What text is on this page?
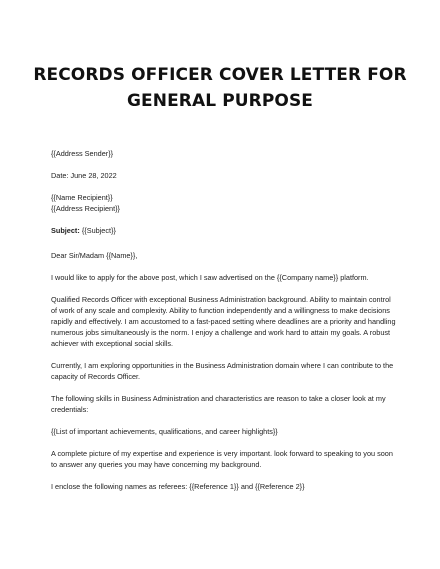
RECORDS OFFICER COVER LETTER FOR
GENERAL PURPOSE

{{Address Sender}}

Date: June 28, 2022

{{Name Recipient}}

{{Address Recipient}}

Subject: {{Subject}}

Dear Sir/Madam {{Name}},

I would like to apply for the above post, which I saw advertised on the {{Company name}} platform.

Qualified Records Officer with exceptional Business Administration background. Ability to maintain control of work of any scale and complexity. Ability to function independently and a willingness to make decisions rapidly and effectively. I am accustomed to a fast-paced setting where deadlines are a priority and handling numerous jobs simultaneously is the norm. I enjoy a challenge and work hard to attain my goals. A robust achiever with exceptional social skills.

Currently, I am exploring opportunities in the Business Administration domain where I can contribute to the capacity of Records Officer.

The following skills in Business Administration and characteristics are reason to take a closer look at my credentials:

{{List of important achievements, qualifications, and career highlights}}

A complete picture of my expertise and experience is very important. look forward to speaking to you soon to answer any queries you may have concerning my background.

I enclose the following names as referees: {{Reference 1}} and {{Reference 2}}
